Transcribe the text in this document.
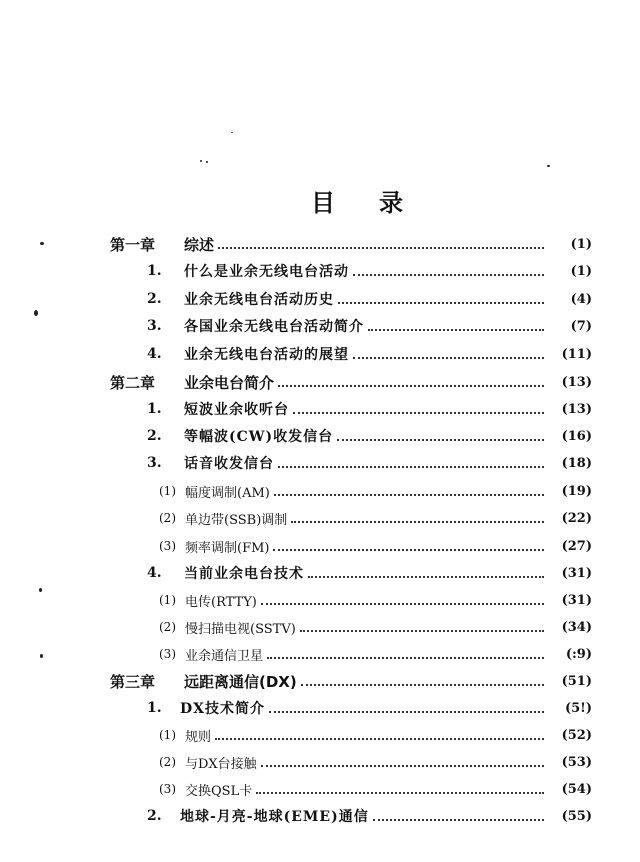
目 录
第一章	综述	(1)
1.	什么是业余无线电台活动	(1)
2.	业余无线电台活动历史	(4)
3.	各国业余无线电台活动简介	(7)
4.	业余无线电台活动的展望	(11)
第二章	业余电台简介	(13)
1.	短波业余收听台	(13)
2.	等幅波(CW)收发信台	(16)
3.	话音收发信台	(18)
(1) 幅度调制(AM)	(19)
(2) 单边带(SSB)调制	(22)
(3) 频率调制(FM)	(27)
4.	当前业余电台技术	(31)
(1) 电传(RTTY)	(31)
(2) 慢扫描电视(SSTV)	(34)
(3) 业余通信卫星	(:9)
第三章	远距离通信(DX)	(51)
1.	DX技术简介	(5!)
(1) 规则	(52)
(2) 与DX台接触	(53)
(3) 交换QSL卡	(54)
2.	地球-月亮-地球(EME)通信	(55)
